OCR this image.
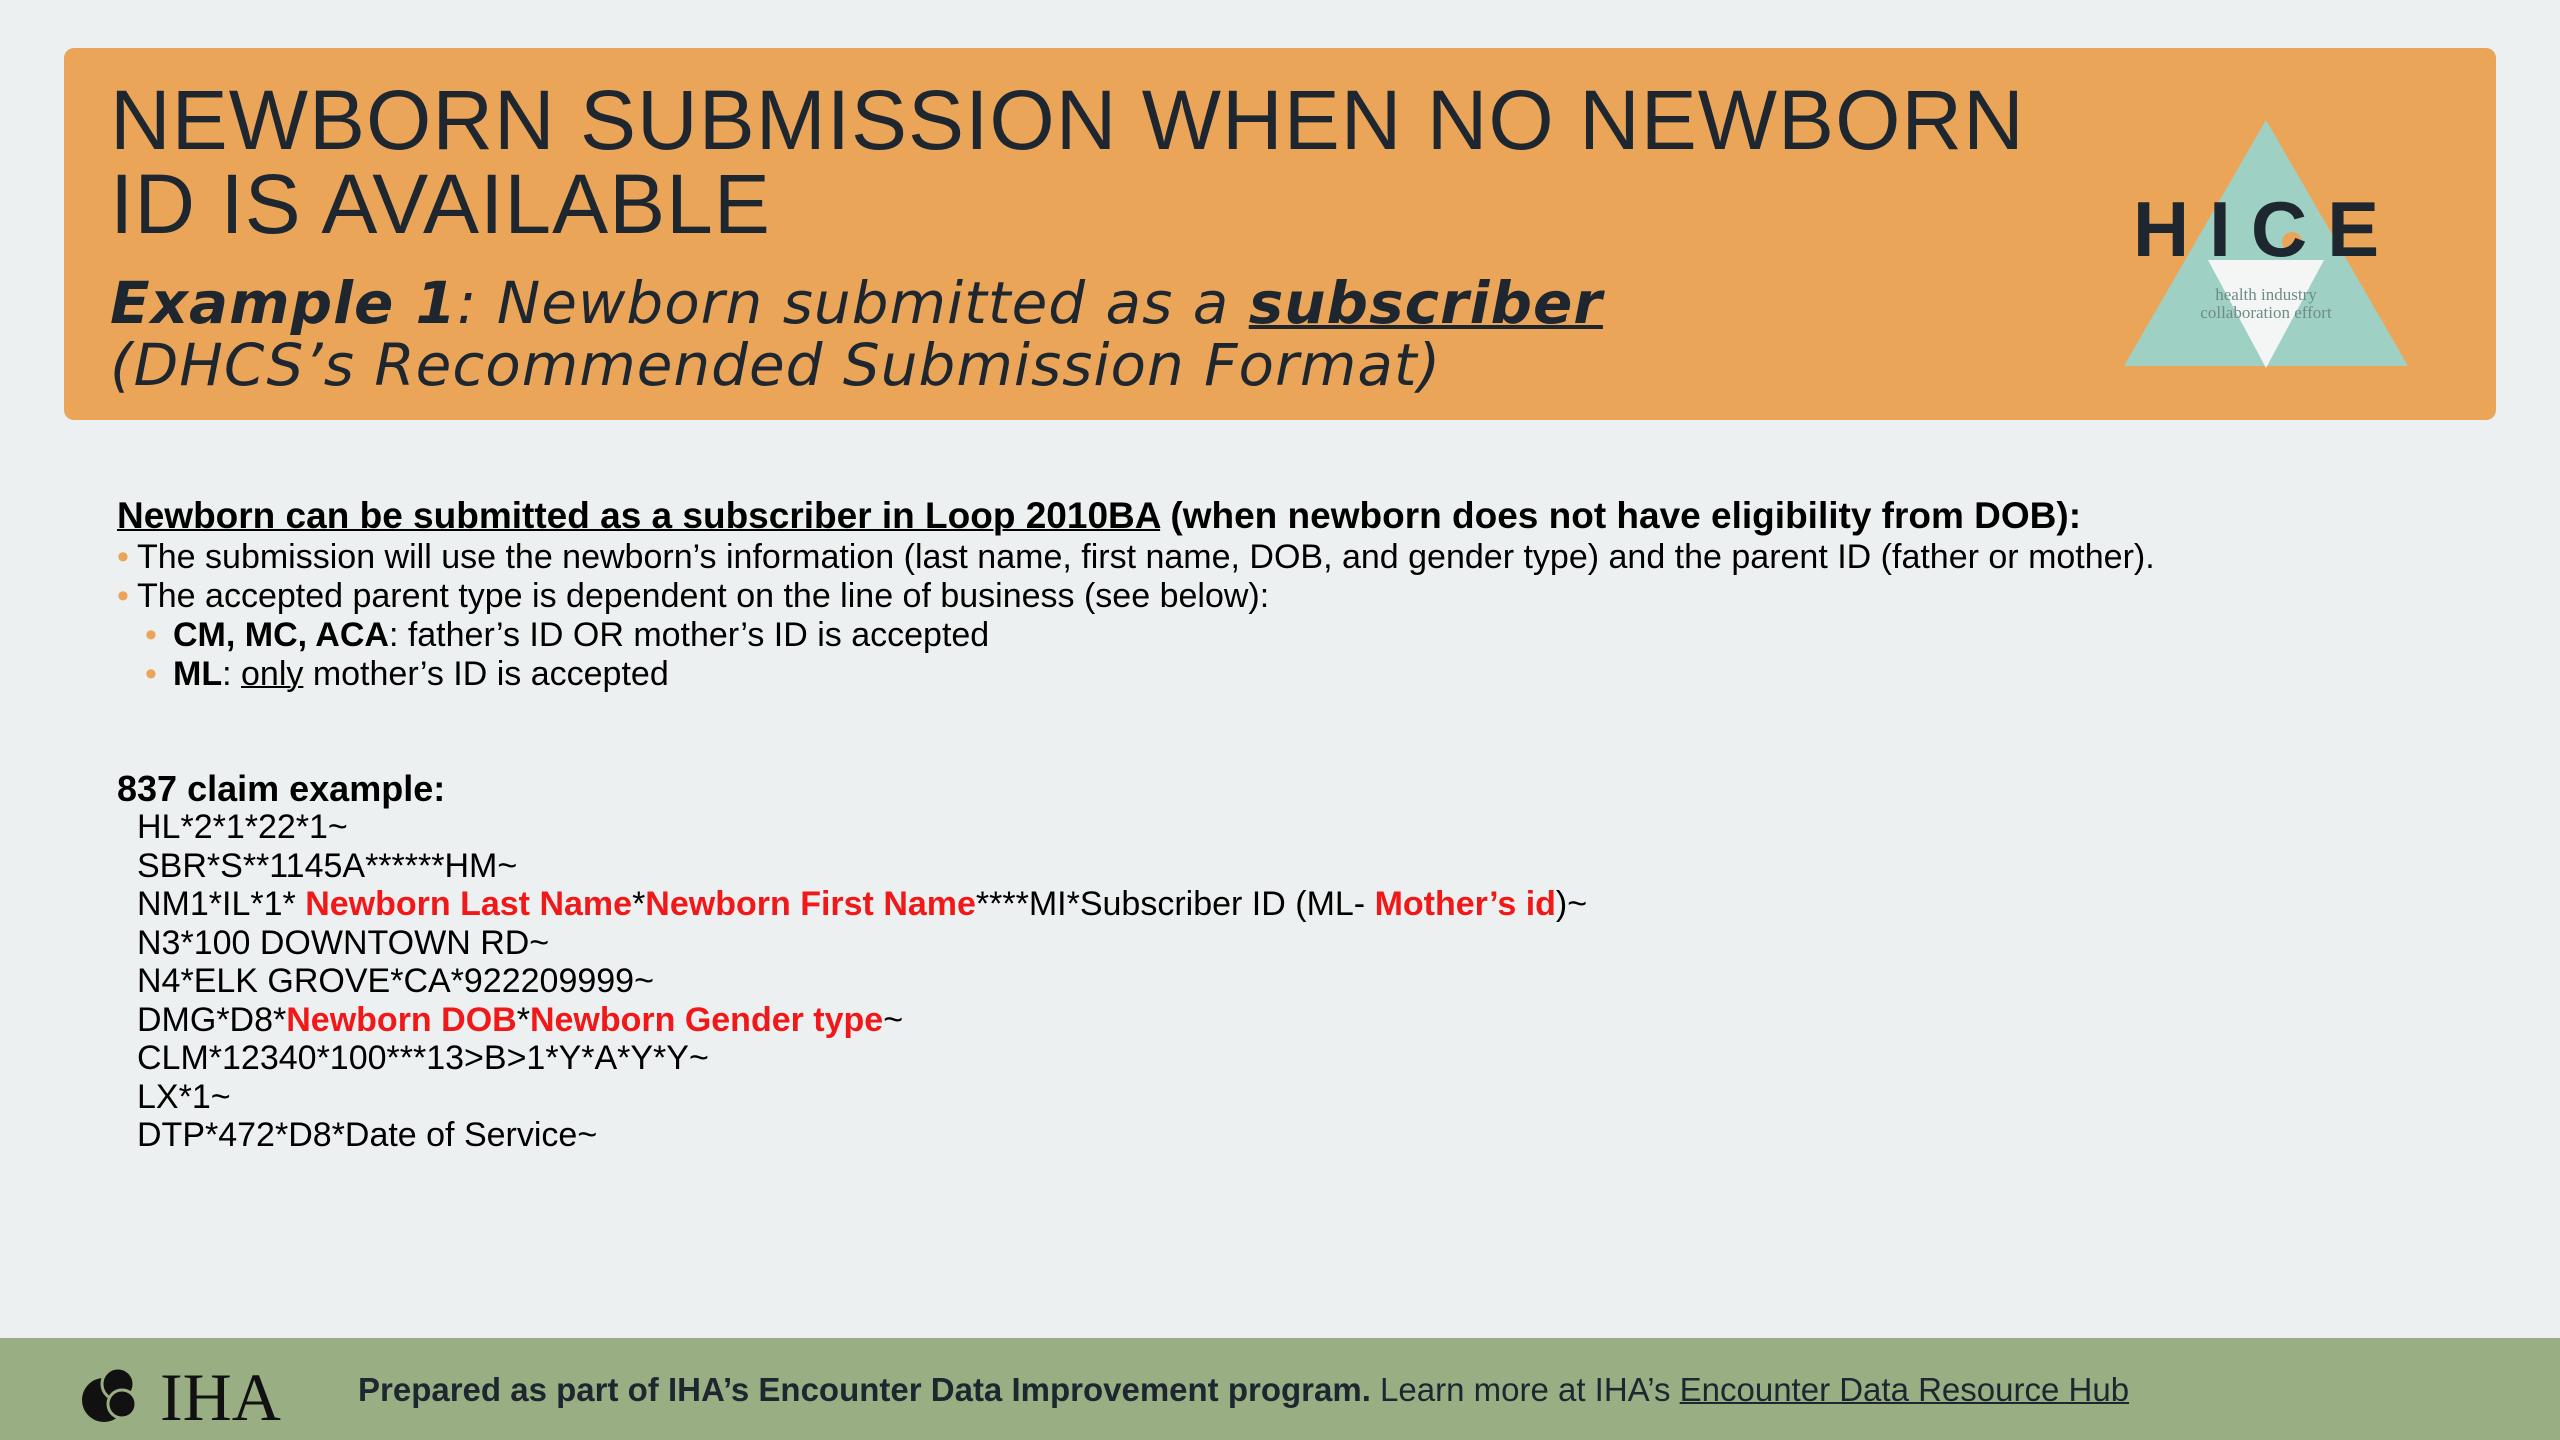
NEWBORN SUBMISSION WHEN NO NEWBORN
ID IS AVAILABLE
Example 1: Newborn submitted as a subscriber
(DHCS’s Recommended Submission Format)
HICE
health industry
collaboration effort

Newborn can be submitted as a subscriber in Loop 2010BA (when newborn does not have eligibility from DOB):

• The submission will use the newborn’s information (last name, first name, DOB, and gender type) and the parent ID (father or mother).
• The accepted parent type is dependent on the line of business (see below):
• CM, MC, ACA: father’s ID OR mother’s ID is accepted
• ML: only mother’s ID is accepted

837 claim example:

HL*2*1*22*1~
SBR*S**1145A******HM~
NM1*IL*1* Newborn Last Name*Newborn First Name****MI*Subscriber ID (ML- Mother’s id)~
N3*100 DOWNTOWN RD~
N4*ELK GROVE*CA*922209999~
DMG*D8*Newborn DOB*Newborn Gender type~
CLM*12340*100***13>B>1*Y*A*Y*Y~
LX*1~
DTP*472*D8*Date of Service~
IHA Prepared as part of IHA’s Encounter Data Improvement program. Learn more at IHA’s Encounter Data Resource Hub
